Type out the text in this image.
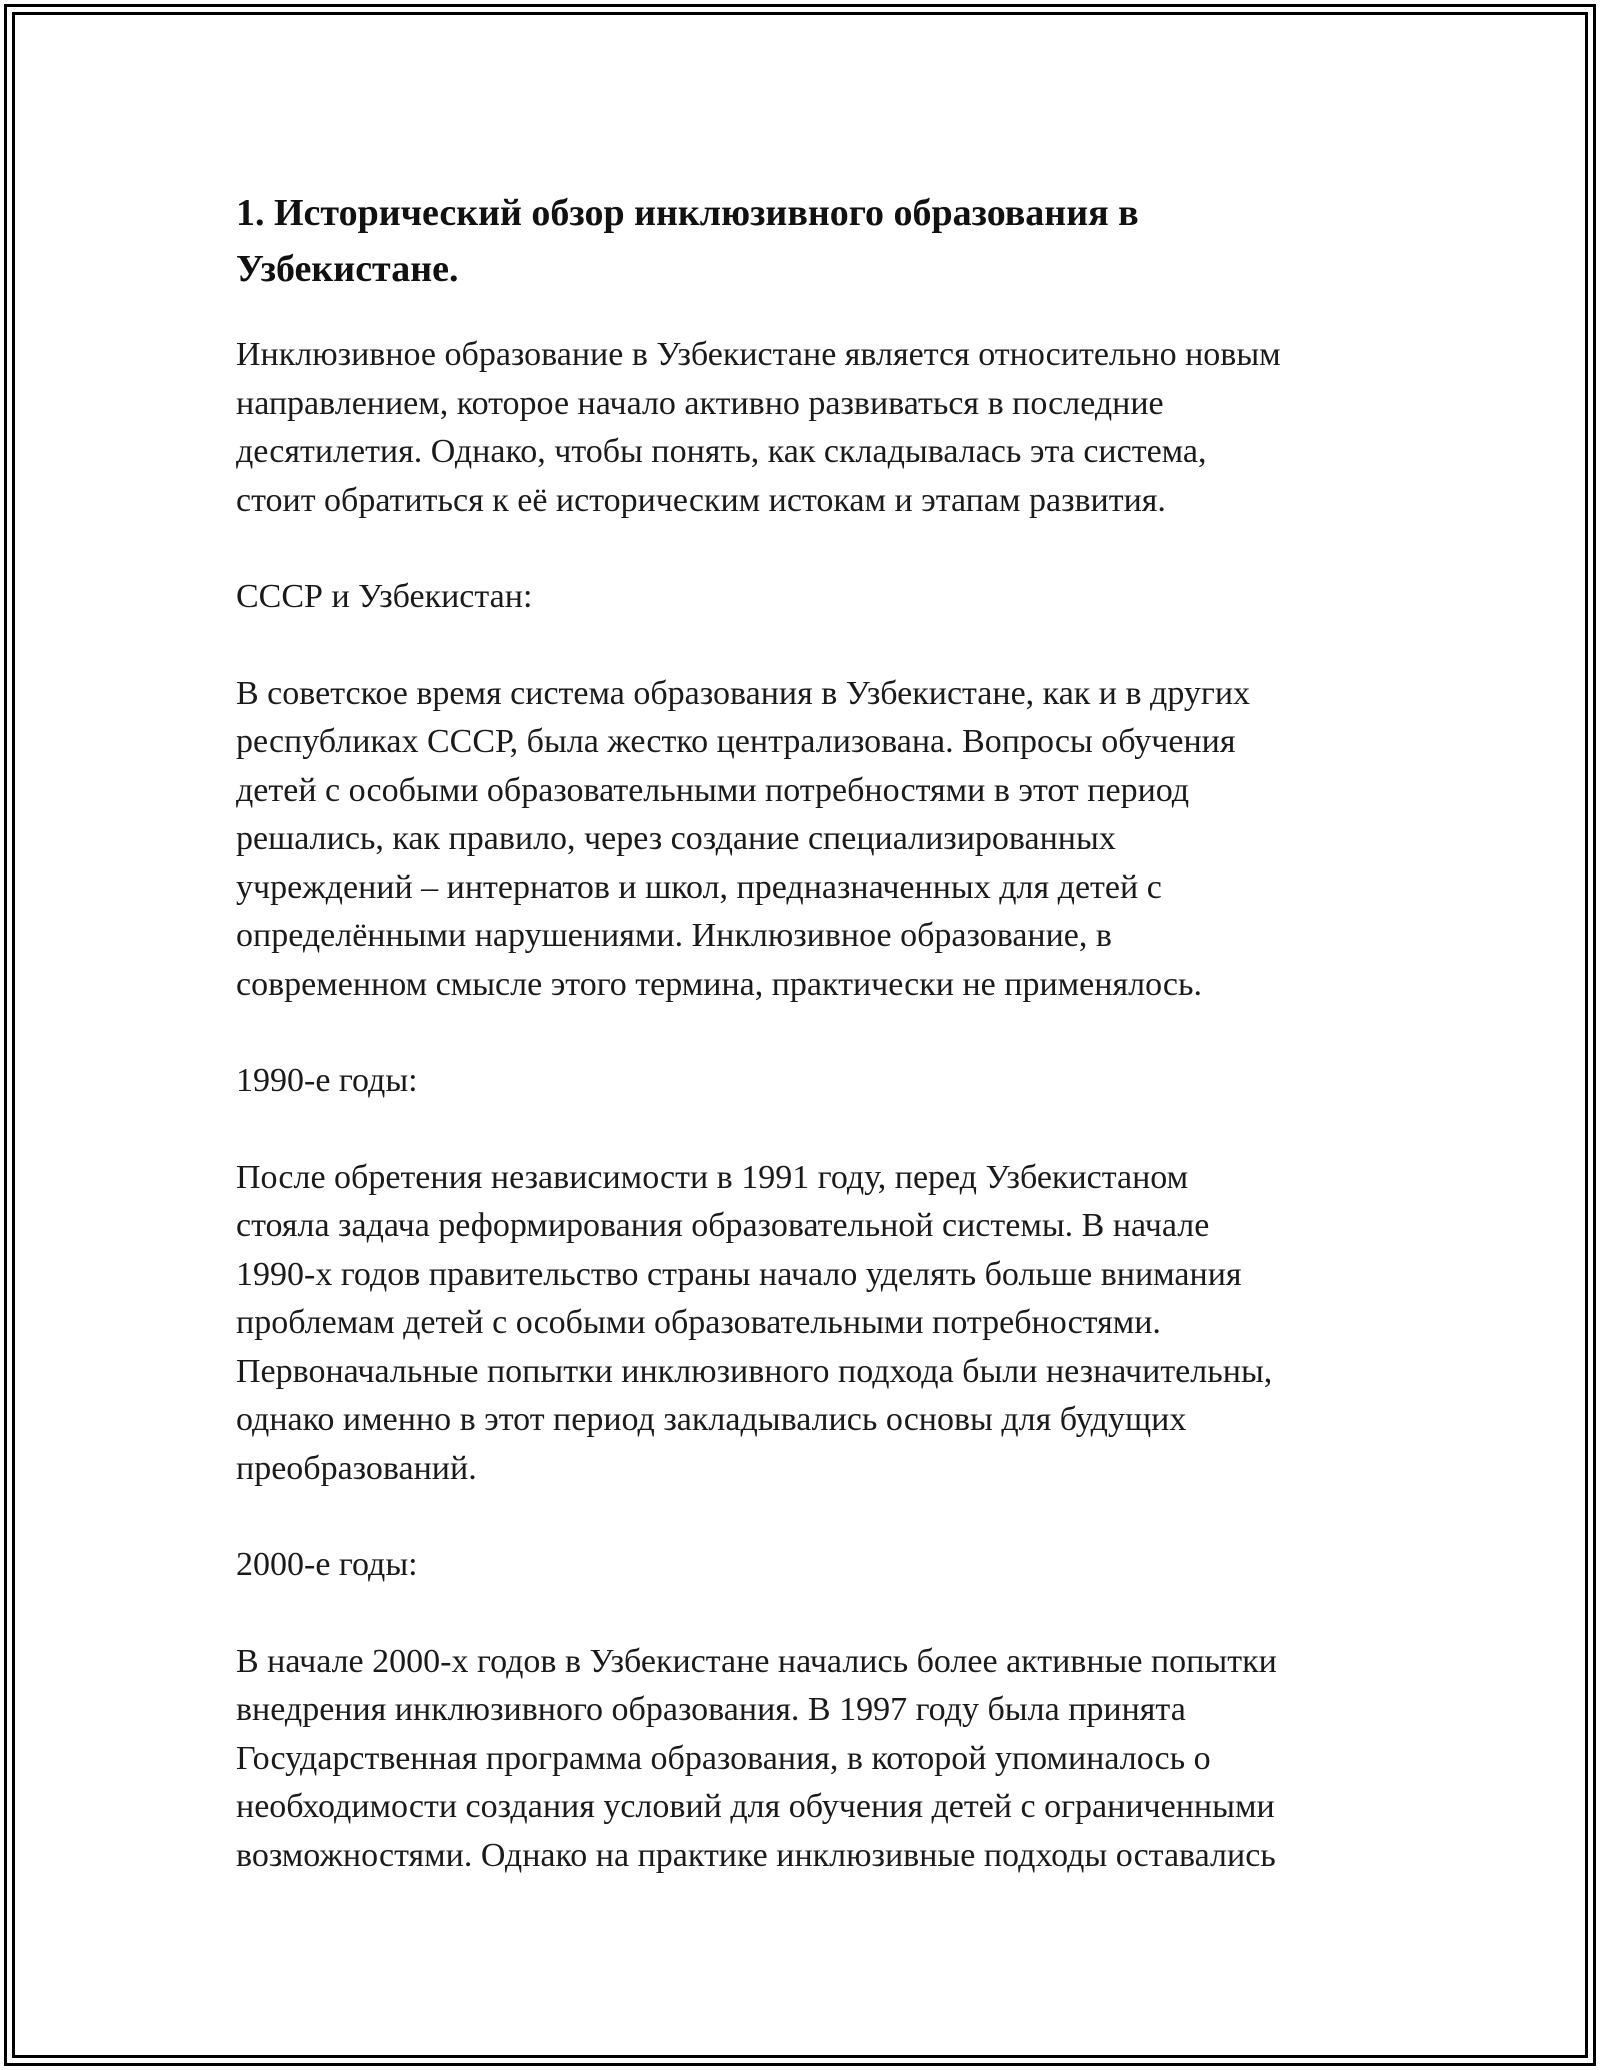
1. Исторический обзор инклюзивного образования в
Узбекистане.

Инклюзивное образование в Узбекистане является относительно новым
направлением, которое начало активно развиваться в последние
десятилетия. Однако, чтобы понять, как складывалась эта система,
стоит обратиться к её историческим истокам и этапам развития.

СССР и Узбекистан:

В советское время система образования в Узбекистане, как и в других
республиках СССР, была жестко централизована. Вопросы обучения
детей с особыми образовательными потребностями в этот период
решались, как правило, через создание специализированных
учреждений – интернатов и школ, предназначенных для детей с
определёнными нарушениями. Инклюзивное образование, в
современном смысле этого термина, практически не применялось.

1990-е годы:

После обретения независимости в 1991 году, перед Узбекистаном
стояла задача реформирования образовательной системы. В начале
1990-х годов правительство страны начало уделять больше внимания
проблемам детей с особыми образовательными потребностями.
Первоначальные попытки инклюзивного подхода были незначительны,
однако именно в этот период закладывались основы для будущих
преобразований.

2000-е годы:

В начале 2000-х годов в Узбекистане начались более активные попытки
внедрения инклюзивного образования. В 1997 году была принята
Государственная программа образования, в которой упоминалось о
необходимости создания условий для обучения детей с ограниченными
возможностями. Однако на практике инклюзивные подходы оставались
